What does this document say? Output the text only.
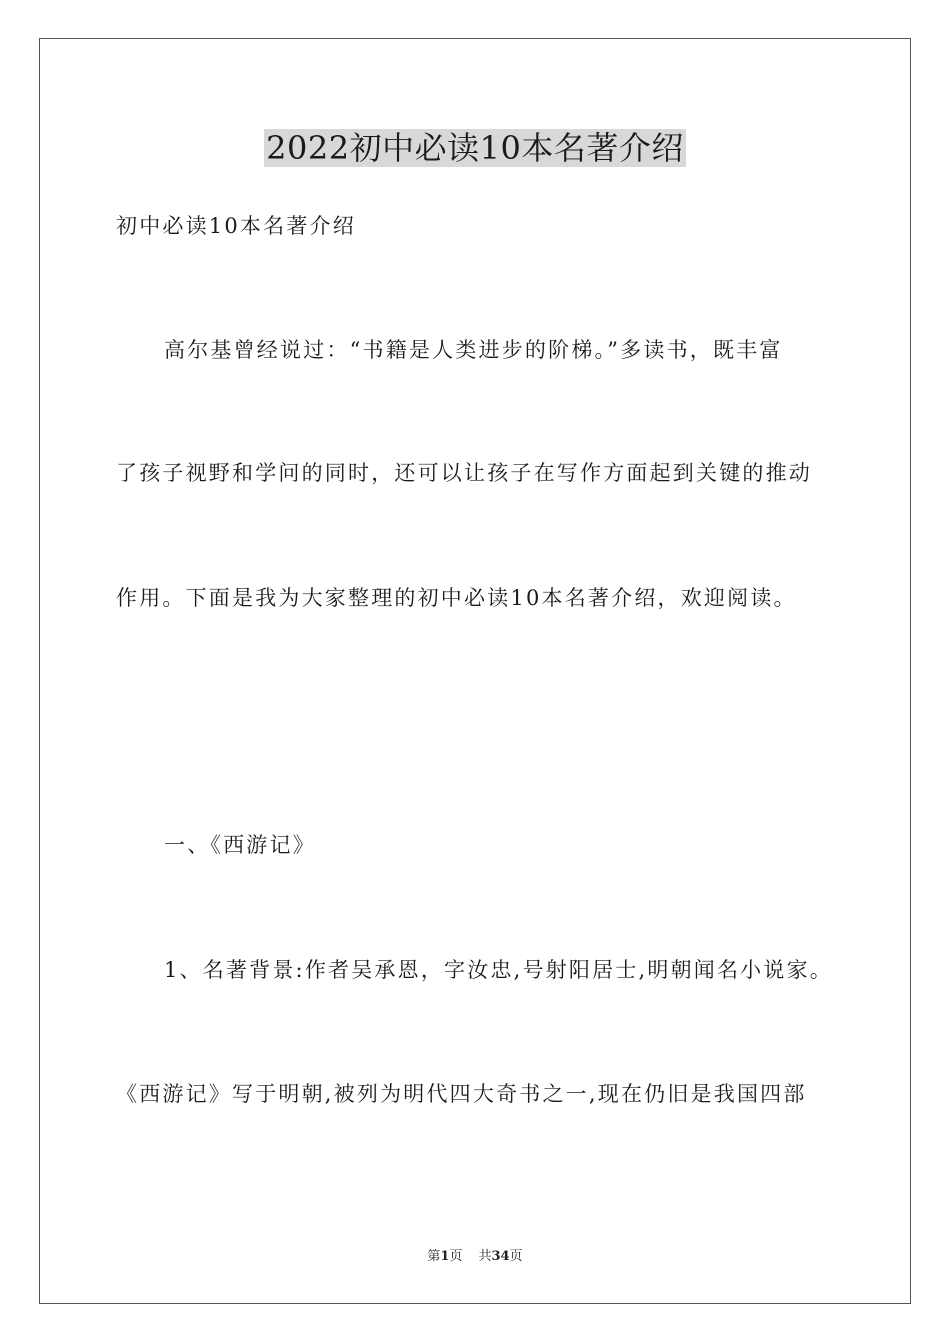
2022初中必读10本名著介绍
初中必读10本名著介绍
高尔基曾经说过：“书籍是人类进步的阶梯。”多读书，既丰富
了孩子视野和学问的同时，还可以让孩子在写作方面起到关键的推动
作用。下面是我为大家整理的初中必读10本名著介绍，欢迎阅读。
一、《西游记》
1、名著背景:作者吴承恩，字汝忠,号射阳居士,明朝闻名小说家。
《西游记》写于明朝,被列为明代四大奇书之一,现在仍旧是我国四部
第1页 共34页
